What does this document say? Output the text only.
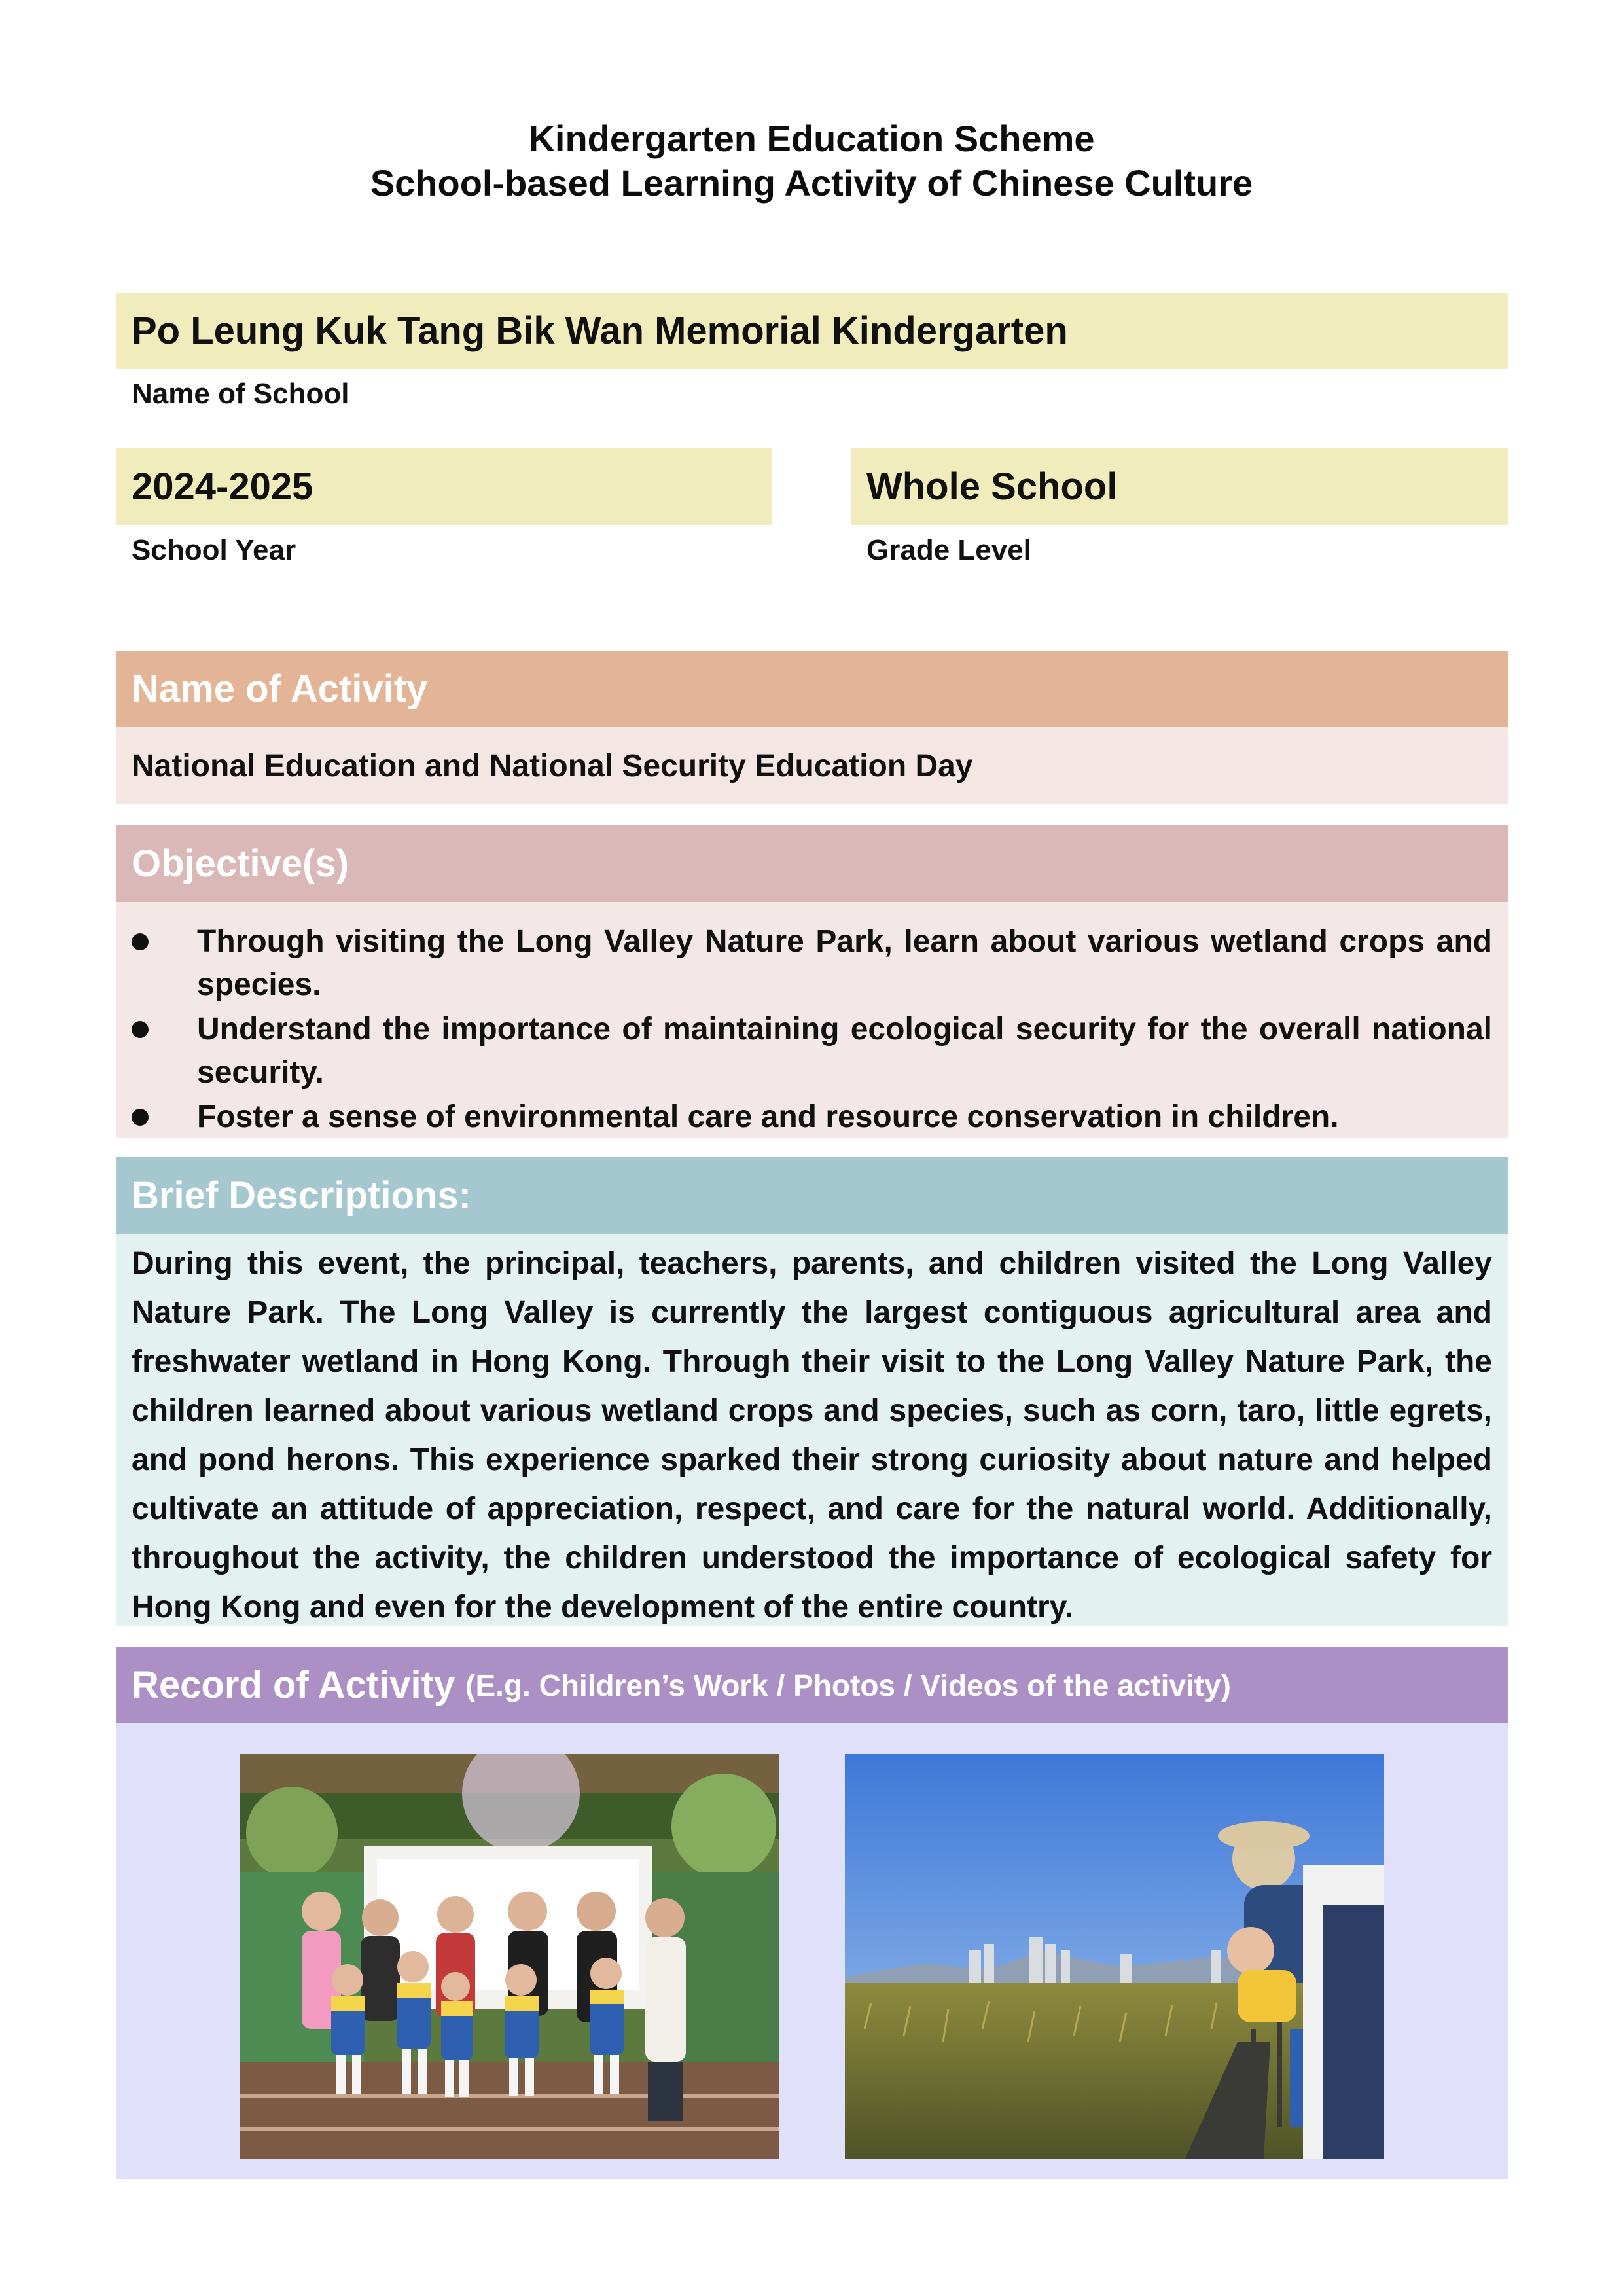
Kindergarten Education Scheme
School-based Learning Activity of Chinese Culture
Po Leung Kuk Tang Bik Wan Memorial Kindergarten
Name of School
2024-2025
School Year
Whole School
Grade Level
Name of Activity
National Education and National Security Education Day
Objective(s)
Through visiting the Long Valley Nature Park, learn about various wetland crops and species.
Understand the importance of maintaining ecological security for the overall national security.
Foster a sense of environmental care and resource conservation in children.
Brief Descriptions:

During this event, the principal, teachers, parents, and children visited the Long Valley Nature Park. The Long Valley is currently the largest contiguous agricultural area and freshwater wetland in Hong Kong. Through their visit to the Long Valley Nature Park, the children learned about various wetland crops and species, such as corn, taro, little egrets, and pond herons. This experience sparked their strong curiosity about nature and helped cultivate an attitude of appreciation, respect, and care for the natural world. Additionally, throughout the activity, the children understood the importance of ecological safety for Hong Kong and even for the development of the entire country.

Record of Activity (E.g. Children’s Work / Photos / Videos of the activity)
